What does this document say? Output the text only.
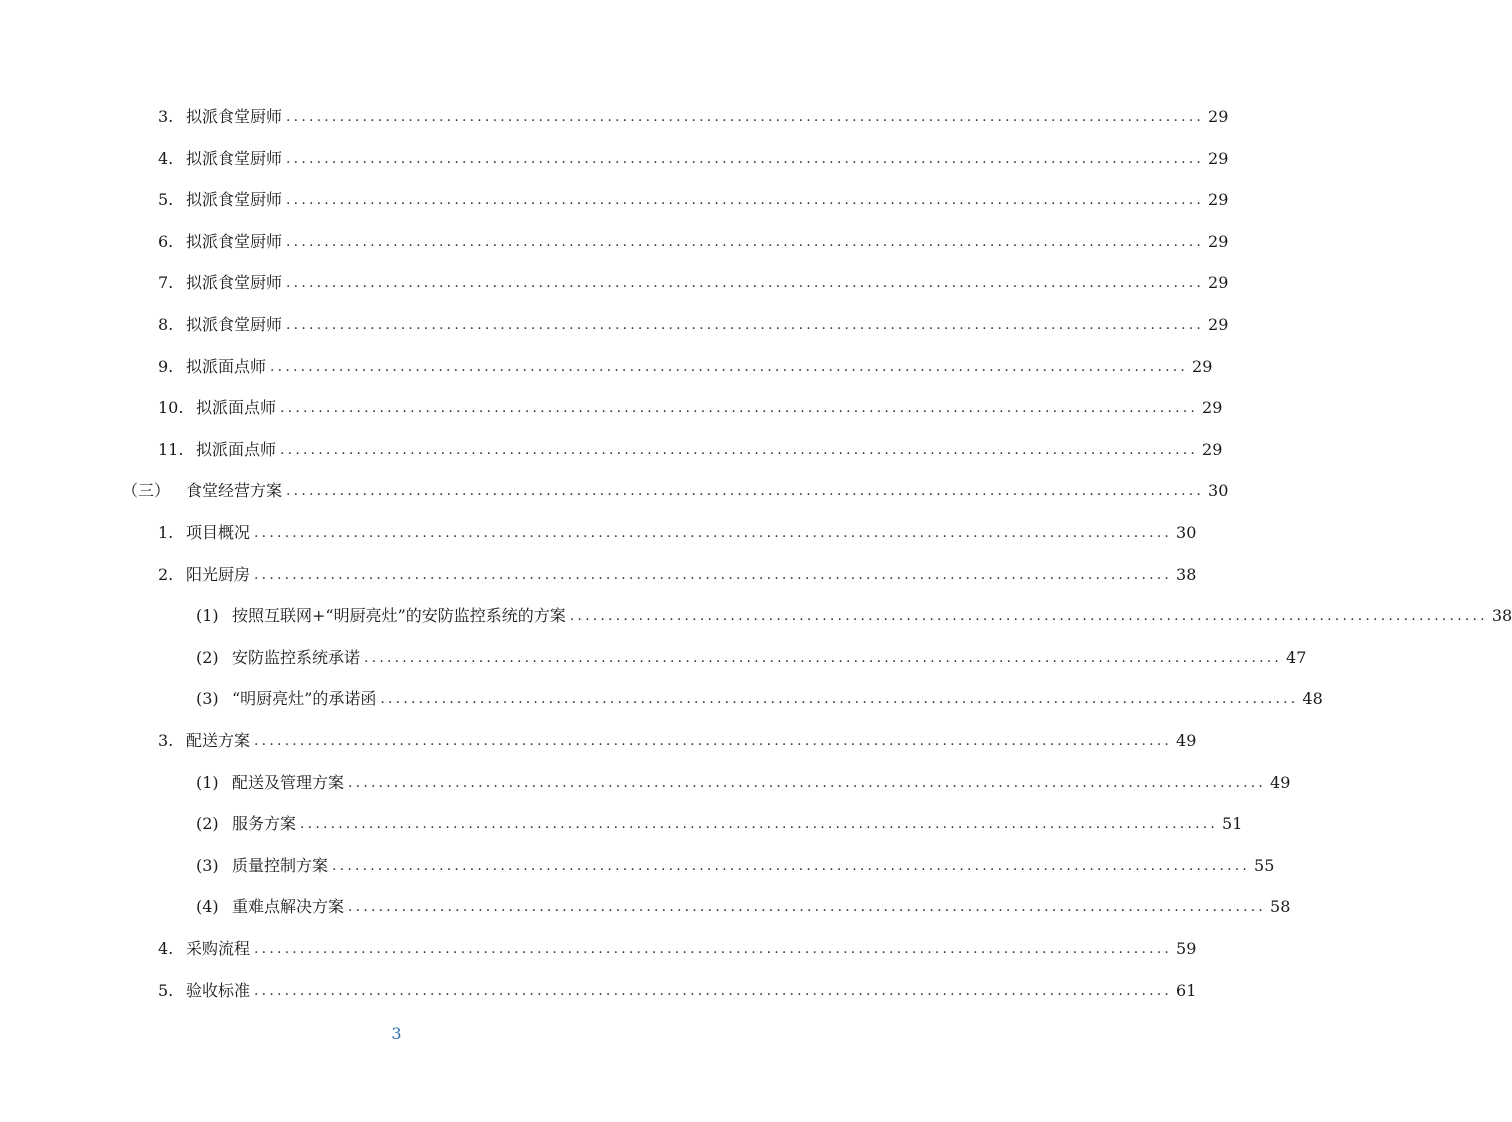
3. 拟派食堂厨师 ........................................................................................................................ 29
4. 拟派食堂厨师 ........................................................................................................................ 29
5. 拟派食堂厨师 ........................................................................................................................ 29
6. 拟派食堂厨师 ........................................................................................................................ 29
7. 拟派食堂厨师 ........................................................................................................................ 29
8. 拟派食堂厨师 ........................................................................................................................ 29
9. 拟派面点师 ........................................................................................................................ 29
10. 拟派面点师 ........................................................................................................................ 29
11. 拟派面点师 ........................................................................................................................ 29
（三） 食堂经营方案 ........................................................................................................................ 30
1. 项目概况 ........................................................................................................................ 30
2. 阳光厨房 ........................................................................................................................ 38
(1) 按照互联网+“明厨亮灶”的安防监控系统的方案 ........................................................................................................................ 38
(2) 安防监控系统承诺 ........................................................................................................................ 47
(3) “明厨亮灶”的承诺函 ........................................................................................................................ 48
3. 配送方案 ........................................................................................................................ 49
(1) 配送及管理方案 ........................................................................................................................ 49
(2) 服务方案 ........................................................................................................................ 51
(3) 质量控制方案 ........................................................................................................................ 55
(4) 重难点解决方案 ........................................................................................................................ 58
4. 采购流程 ........................................................................................................................ 59
5. 验收标准 ........................................................................................................................ 61
3
